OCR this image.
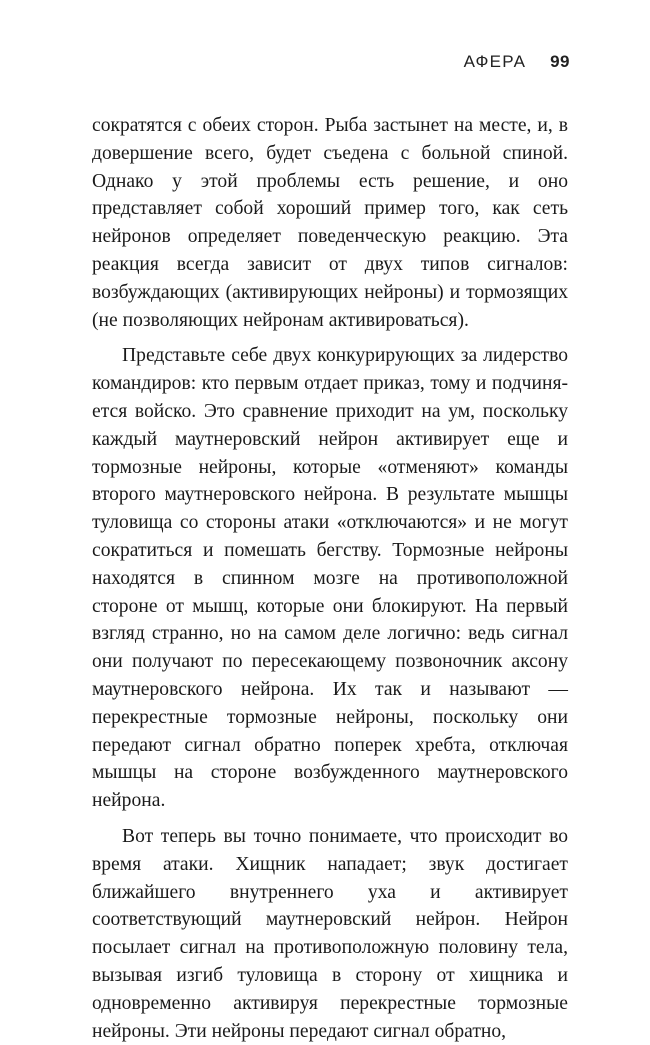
АФЕРА 99

сократятся с обеих сторон. Рыба застынет на месте, и, в довершение всего, будет съедена с больной спиной. Однако у этой проблемы есть решение, и оно представляет собой хороший пример того, как сеть нейронов определяет поведенческую реакцию. Эта реакция всегда зависит от двух типов сигналов: возбуждающих (активирующих нейроны) и тормозящих (не позволяющих нейронам активироваться).

Представьте себе двух конкурирующих за лидерство командиров: кто первым отдает приказ, тому и подчиняется войско. Это сравнение приходит на ум, поскольку каждый маутнеровский нейрон активирует еще и тормозные нейроны, которые «отменяют» команды второго маутнеровского нейрона. В результате мышцы туловища со стороны атаки «отключаются» и не могут сократиться и помешать бегству. Тормозные нейроны находятся в спинном мозге на противоположной стороне от мышц, которые они блокируют. На первый взгляд странно, но на самом деле логично: ведь сигнал они получают по пересекающему позвоночник аксону маутнеровского нейрона. Их так и называют — перекрестные тормозные нейроны, поскольку они передают сигнал обратно поперек хребта, отключая мышцы на стороне возбужденного маутнеровского нейрона.

Вот теперь вы точно понимаете, что происходит во время атаки. Хищник нападает; звук достигает ближайшего внутреннего уха и активирует соответствующий маутнеровский нейрон. Нейрон посылает сигнал на противоположную половину тела, вызывая изгиб туловища в сторону от хищника и одновременно активируя перекрестные тормозные нейроны. Эти нейроны передают сигнал обратно,
